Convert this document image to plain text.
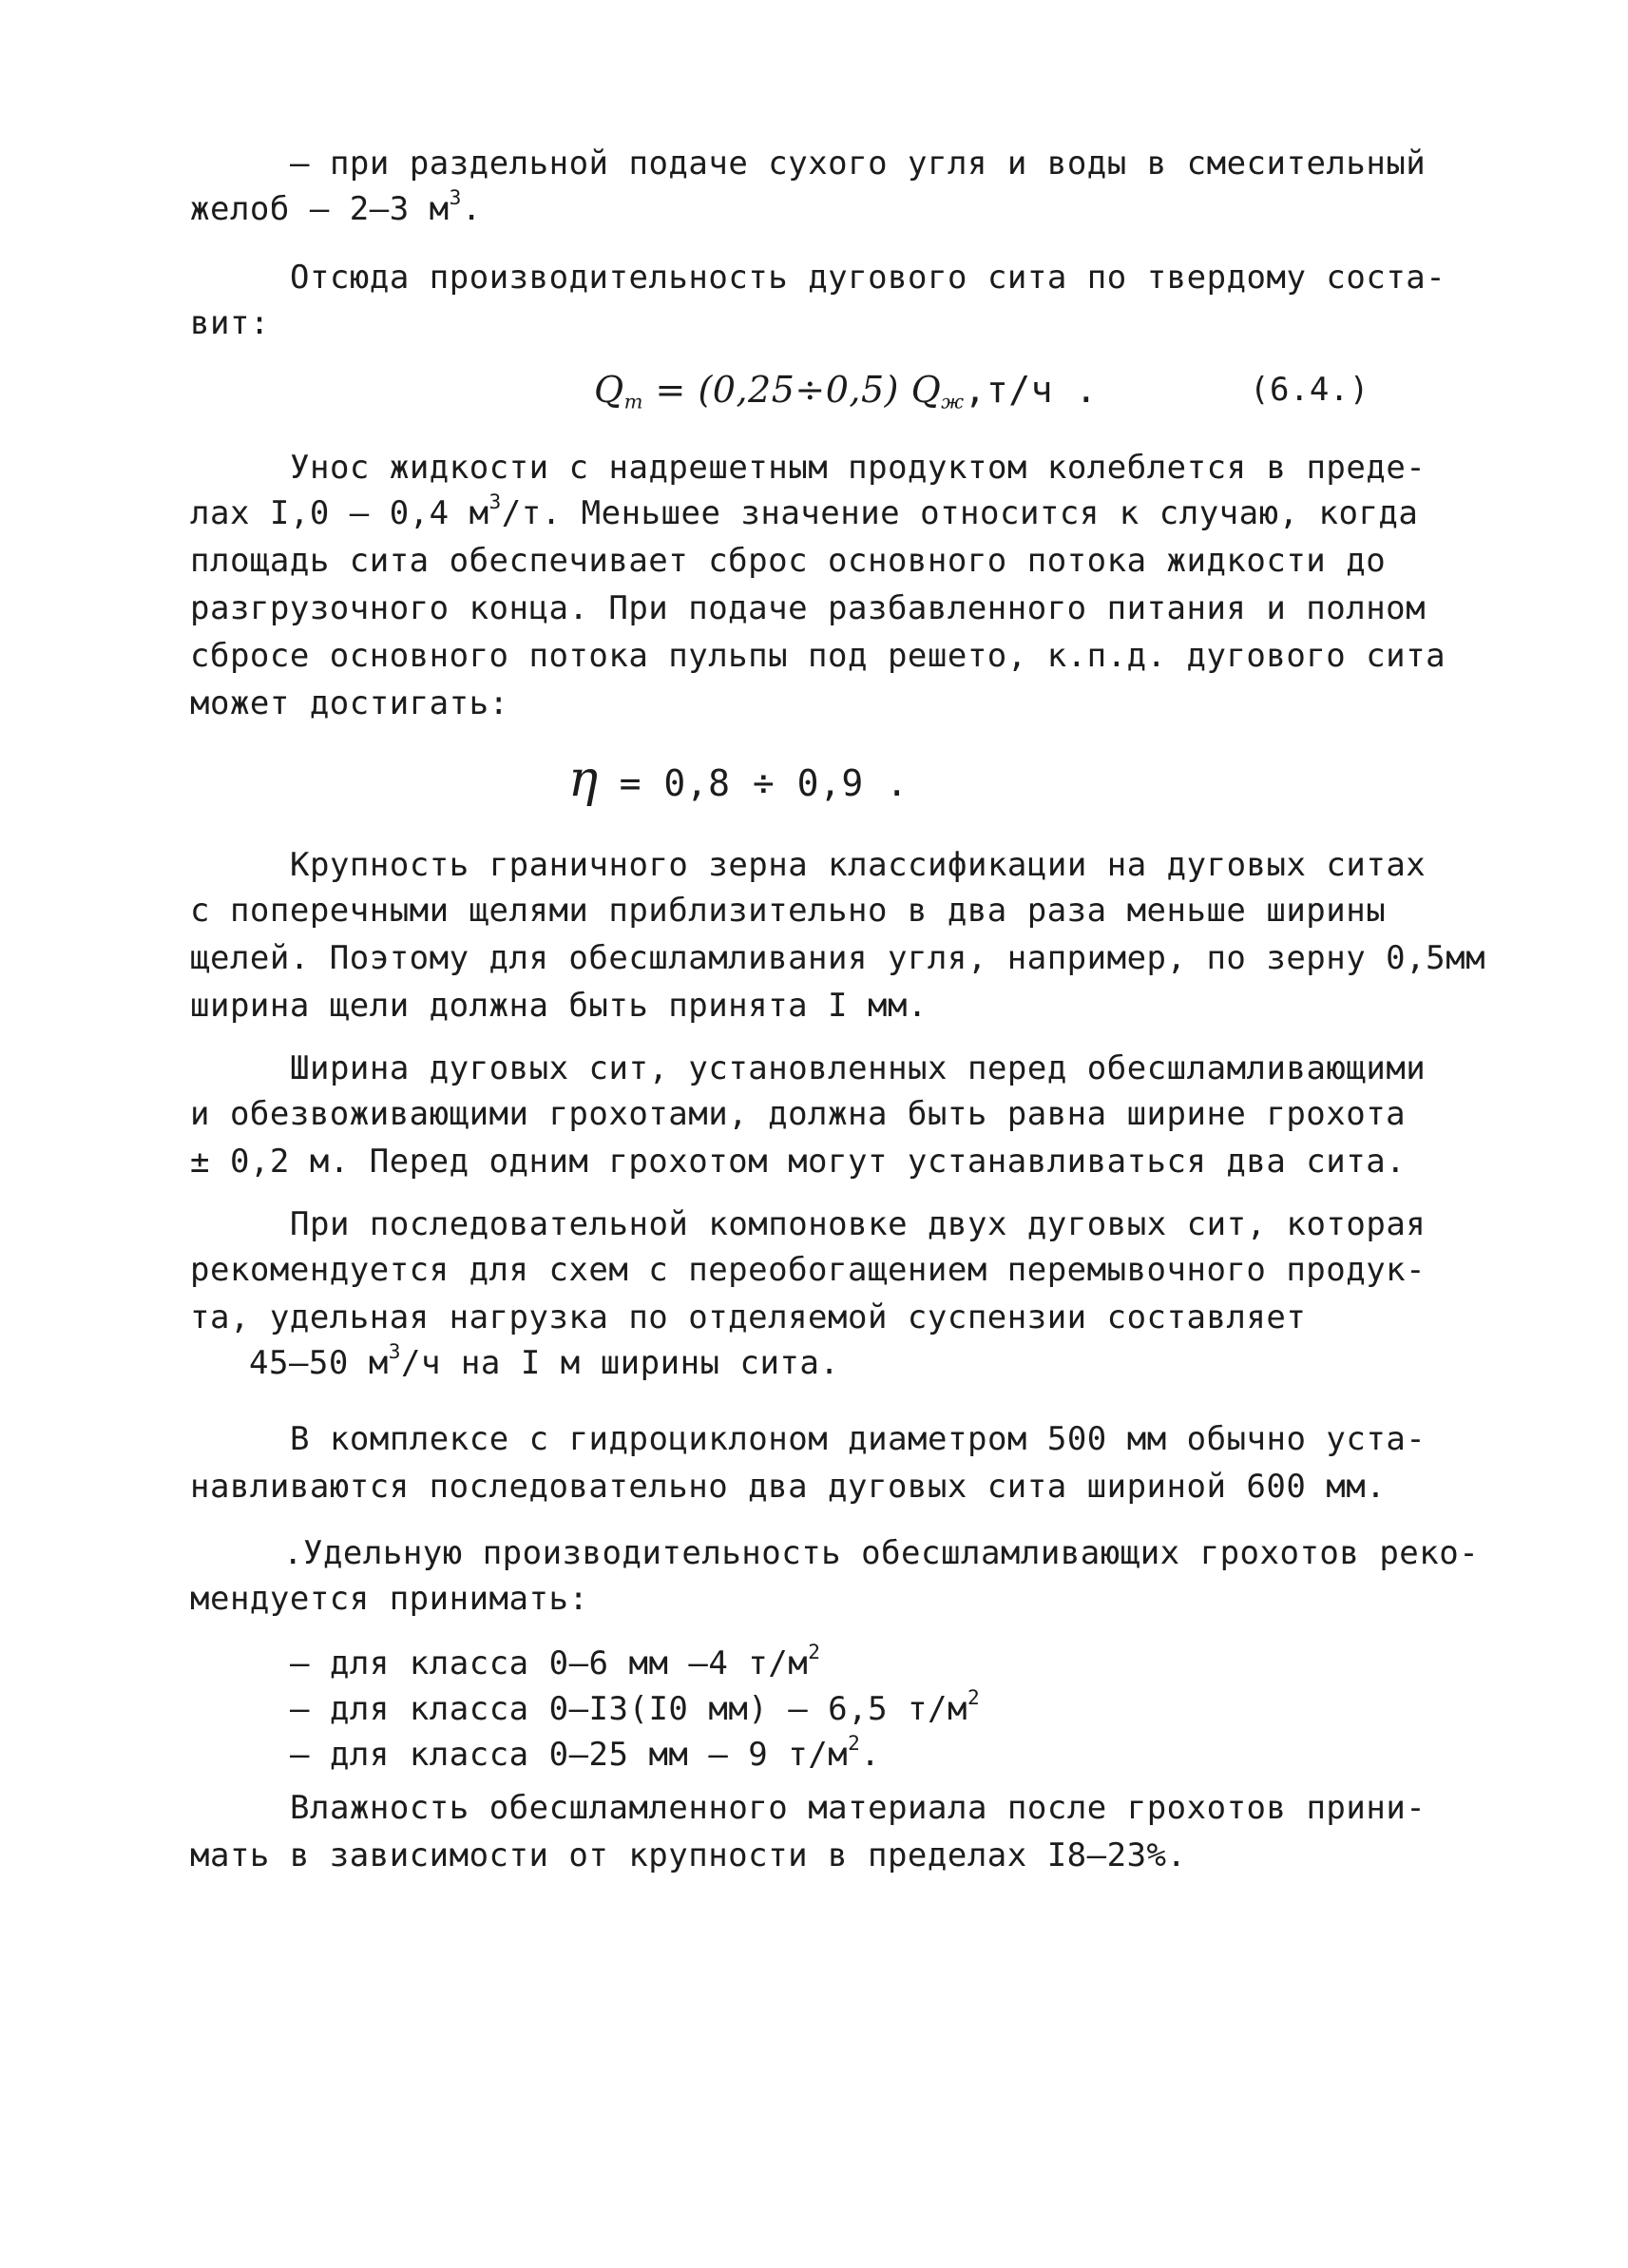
– при раздельной подаче сухого угля и воды в смесительный
желоб – 2–3 $м^3$.
Отсюда производительность дугового сита по твердому соста-
вит:
$Q_т = (0,25\div 0,5)$ $Q_ж,т/ч$ .	(6.4.)
Унос жидкости с надрешетным продуктом колеблется в преде-
лах I,0 – 0,4 $м^3/т$. Меньшее значение относится к случаю, когда
площадь сита обеспечивает сброс основного потока жидкости до
разгрузочного конца. При подаче разбавленного питания и полном
сбросе основного потока пульпы под решето, к.п.д. дугового сита
может достигать:
η = 0,8 ÷ 0,9 .
Крупность граничного зерна классификации на дуговых ситах
с поперечными щелями приблизительно в два раза меньше ширины
щелей. Поэтому для обесшламливания угля, например, по зерну 0,5мм
ширина щели должна быть принята I мм.
Ширина дуговых сит, установленных перед обесшламливающими
и обезвоживающими грохотами, должна быть равна ширине грохота
± 0,2 м. Перед одним грохотом могут устанавливаться два сита.
При последовательной компоновке двух дуговых сит, которая
рекомендуется для схем с переобогащением перемывочного продук-
та, удельная нагрузка по отделяемой суспензии составляет
45–50 $м^3/ч$ на I м ширины сита.
В комплексе с гидроциклоном диаметром 500 мм обычно уста-
навливаются последовательно два дуговых сита шириной 600 мм.
.Удельную производительность обесшламливающих грохотов реко-
мендуется принимать:
– для класса 0–6 мм –4 $т/м^2$
– для класса 0–I3(I0 мм) – 6,5 $т/м^2$
– для класса 0–25 мм – 9 $т/м^2$.
Влажность обесшламленного материала после грохотов прини-
мать в зависимости от крупности в пределах I8–23%.
